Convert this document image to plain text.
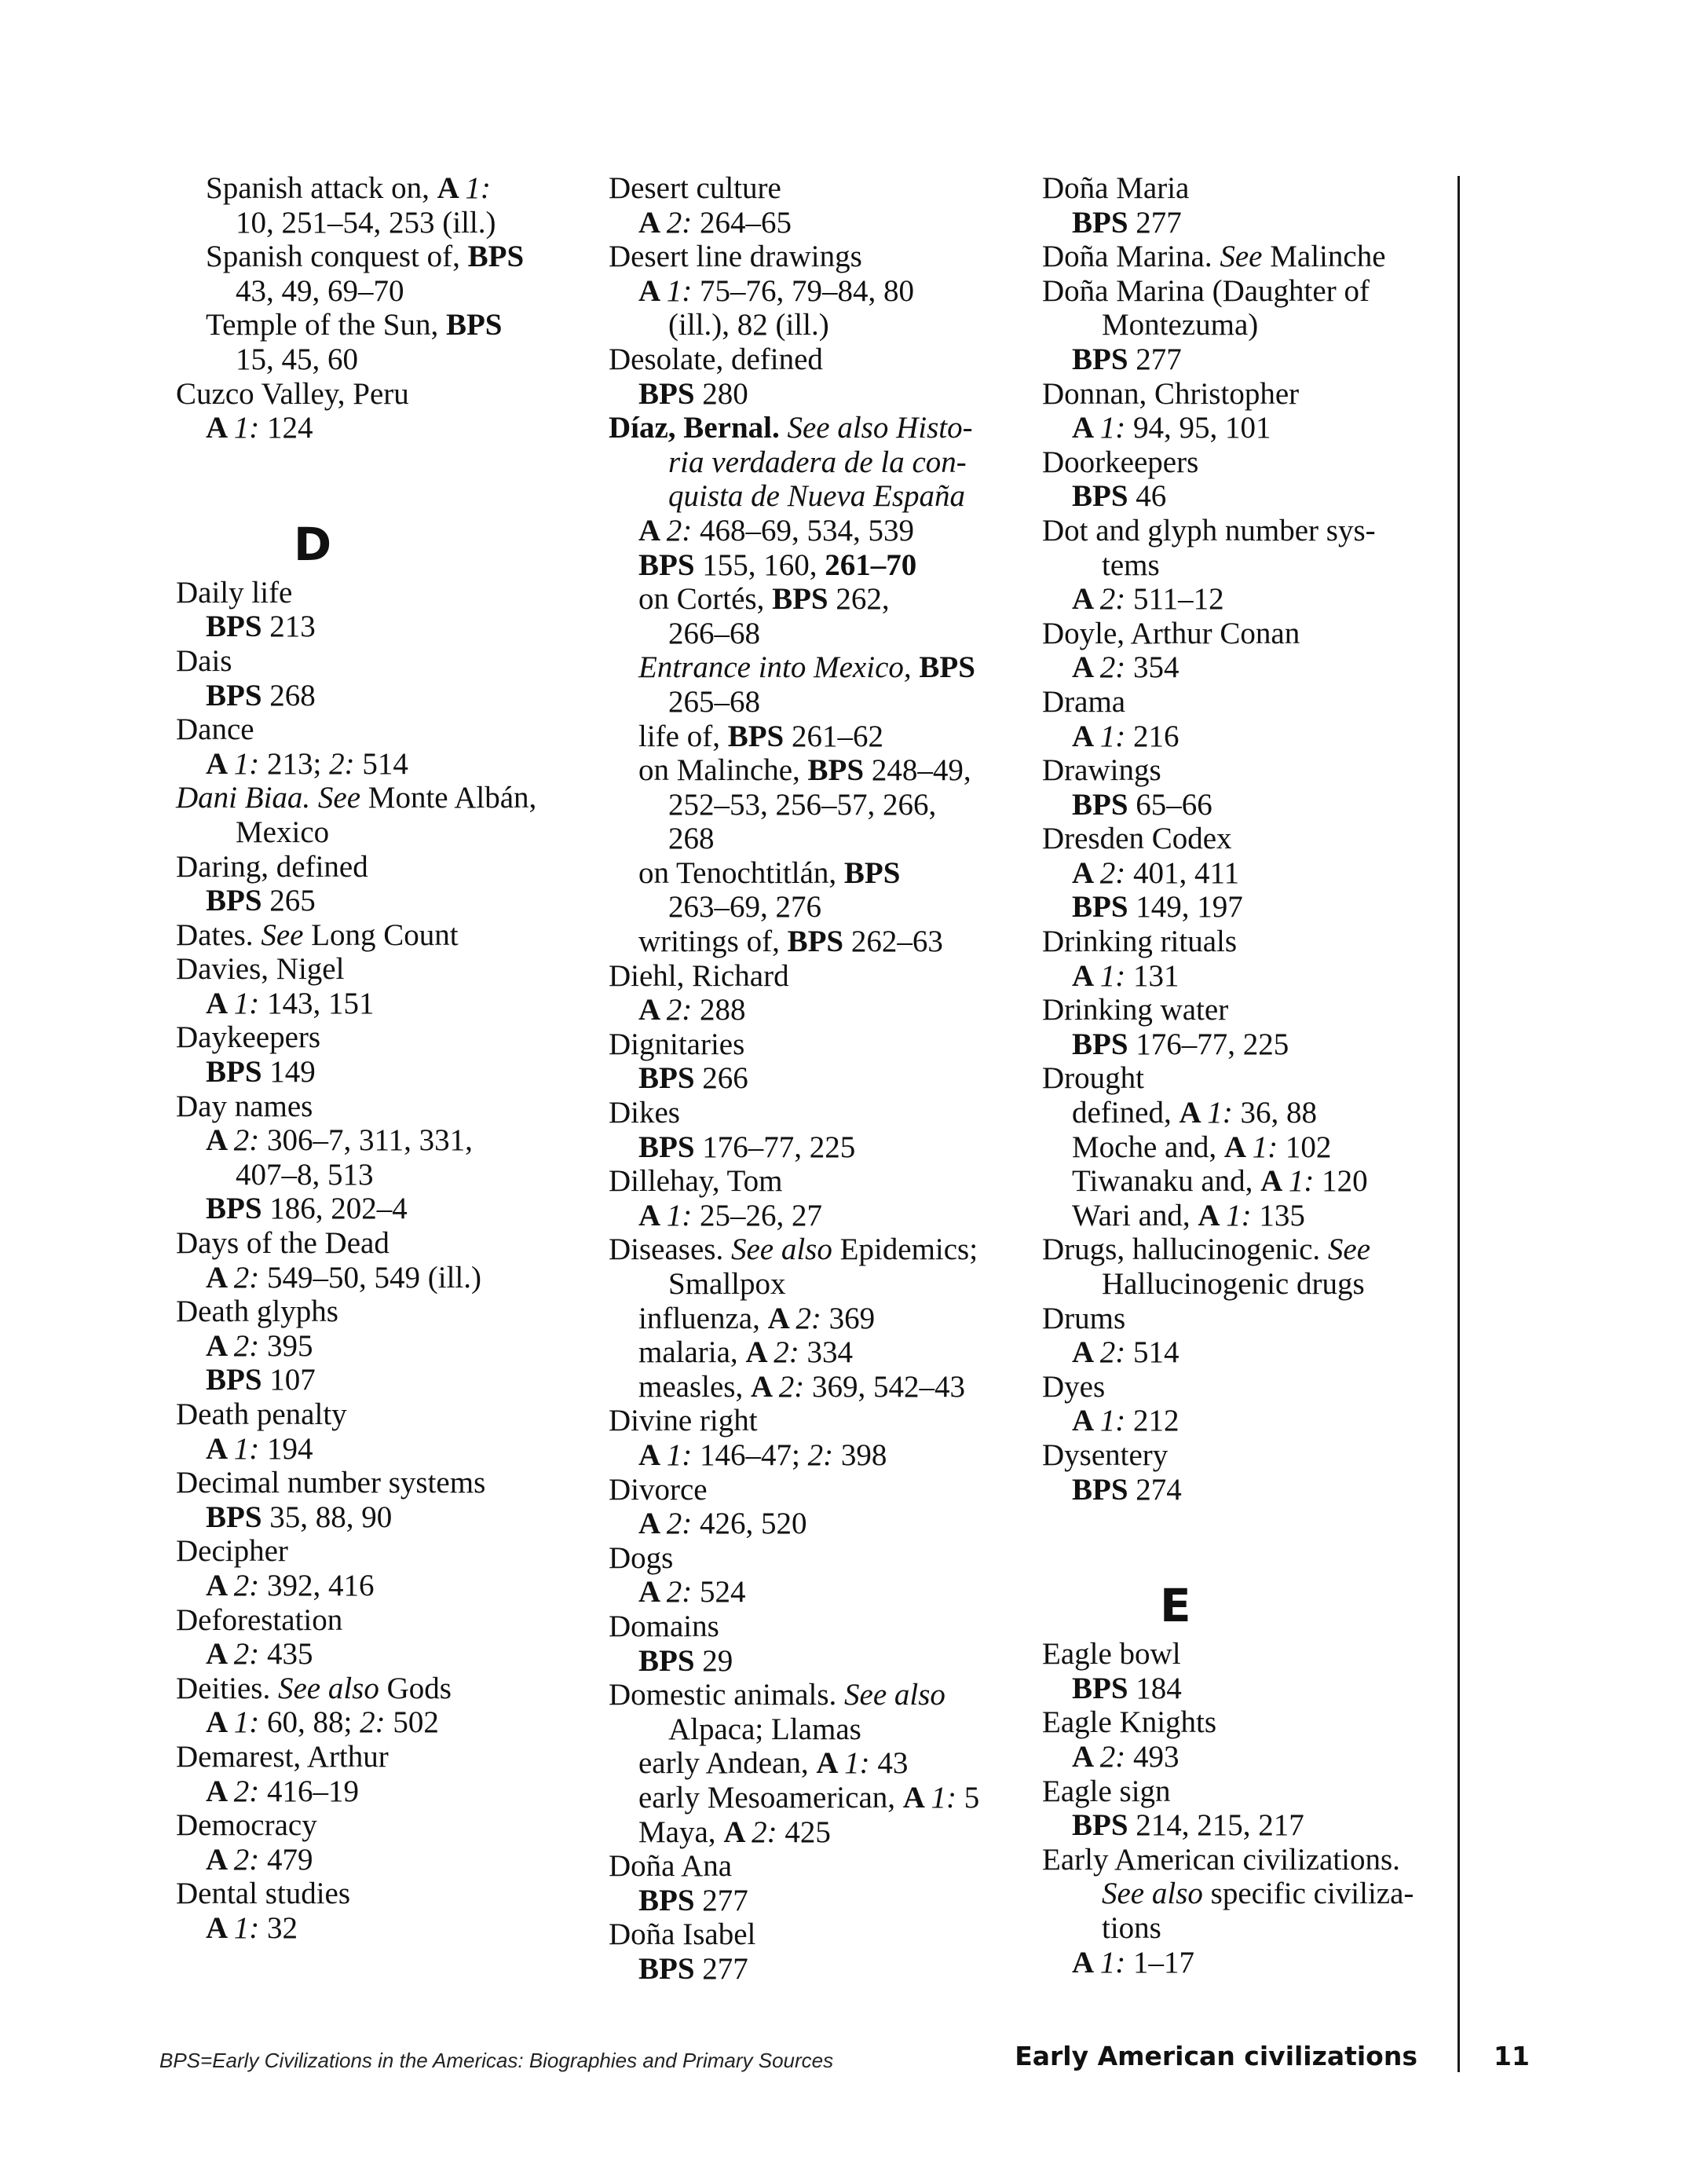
Spanish attack on, A 1:
10, 251–54, 253 (ill.)
Spanish conquest of, BPS
43, 49, 69–70
Temple of the Sun, BPS
15, 45, 60
Cuzco Valley, Peru
A 1: 124
D
Daily life
BPS 213
Dais
BPS 268
Dance
A 1: 213; 2: 514
Dani Biaa. See Monte Albán,
Mexico
Daring, defined
BPS 265
Dates. See Long Count
Davies, Nigel
A 1: 143, 151
Daykeepers
BPS 149
Day names
A 2: 306–7, 311, 331,
407–8, 513
BPS 186, 202–4
Days of the Dead
A 2: 549–50, 549 (ill.)
Death glyphs
A 2: 395
BPS 107
Death penalty
A 1: 194
Decimal number systems
BPS 35, 88, 90
Decipher
A 2: 392, 416
Deforestation
A 2: 435
Deities. See also Gods
A 1: 60, 88; 2: 502
Demarest, Arthur
A 2: 416–19
Democracy
A 2: 479
Dental studies
A 1: 32
Desert culture
A 2: 264–65
Desert line drawings
A 1: 75–76, 79–84, 80
(ill.), 82 (ill.)
Desolate, defined
BPS 280
Díaz, Bernal. See also Histo-
ria verdadera de la con-
quista de Nueva España
A 2: 468–69, 534, 539
BPS 155, 160, 261–70
on Cortés, BPS 262,
266–68
Entrance into Mexico, BPS
265–68
life of, BPS 261–62
on Malinche, BPS 248–49,
252–53, 256–57, 266,
268
on Tenochtitlán, BPS
263–69, 276
writings of, BPS 262–63
Diehl, Richard
A 2: 288
Dignitaries
BPS 266
Dikes
BPS 176–77, 225
Dillehay, Tom
A 1: 25–26, 27
Diseases. See also Epidemics;
Smallpox
influenza, A 2: 369
malaria, A 2: 334
measles, A 2: 369, 542–43
Divine right
A 1: 146–47; 2: 398
Divorce
A 2: 426, 520
Dogs
A 2: 524
Domains
BPS 29
Domestic animals. See also
Alpaca; Llamas
early Andean, A 1: 43
early Mesoamerican, A 1: 5
Maya, A 2: 425
Doña Ana
BPS 277
Doña Isabel
BPS 277
Doña Maria
BPS 277
Doña Marina. See Malinche
Doña Marina (Daughter of
Montezuma)
BPS 277
Donnan, Christopher
A 1: 94, 95, 101
Doorkeepers
BPS 46
Dot and glyph number sys-
tems
A 2: 511–12
Doyle, Arthur Conan
A 2: 354
Drama
A 1: 216
Drawings
BPS 65–66
Dresden Codex
A 2: 401, 411
BPS 149, 197
Drinking rituals
A 1: 131
Drinking water
BPS 176–77, 225
Drought
defined, A 1: 36, 88
Moche and, A 1: 102
Tiwanaku and, A 1: 120
Wari and, A 1: 135
Drugs, hallucinogenic. See
Hallucinogenic drugs
Drums
A 2: 514
Dyes
A 1: 212
Dysentery
BPS 274
E
Eagle bowl
BPS 184
Eagle Knights
A 2: 493
Eagle sign
BPS 214, 215, 217
Early American civilizations.
See also specific civiliza-
tions
A 1: 1–17
BPS=Early Civilizations in the Americas: Biographies and Primary Sources	Early American civilizations	11
